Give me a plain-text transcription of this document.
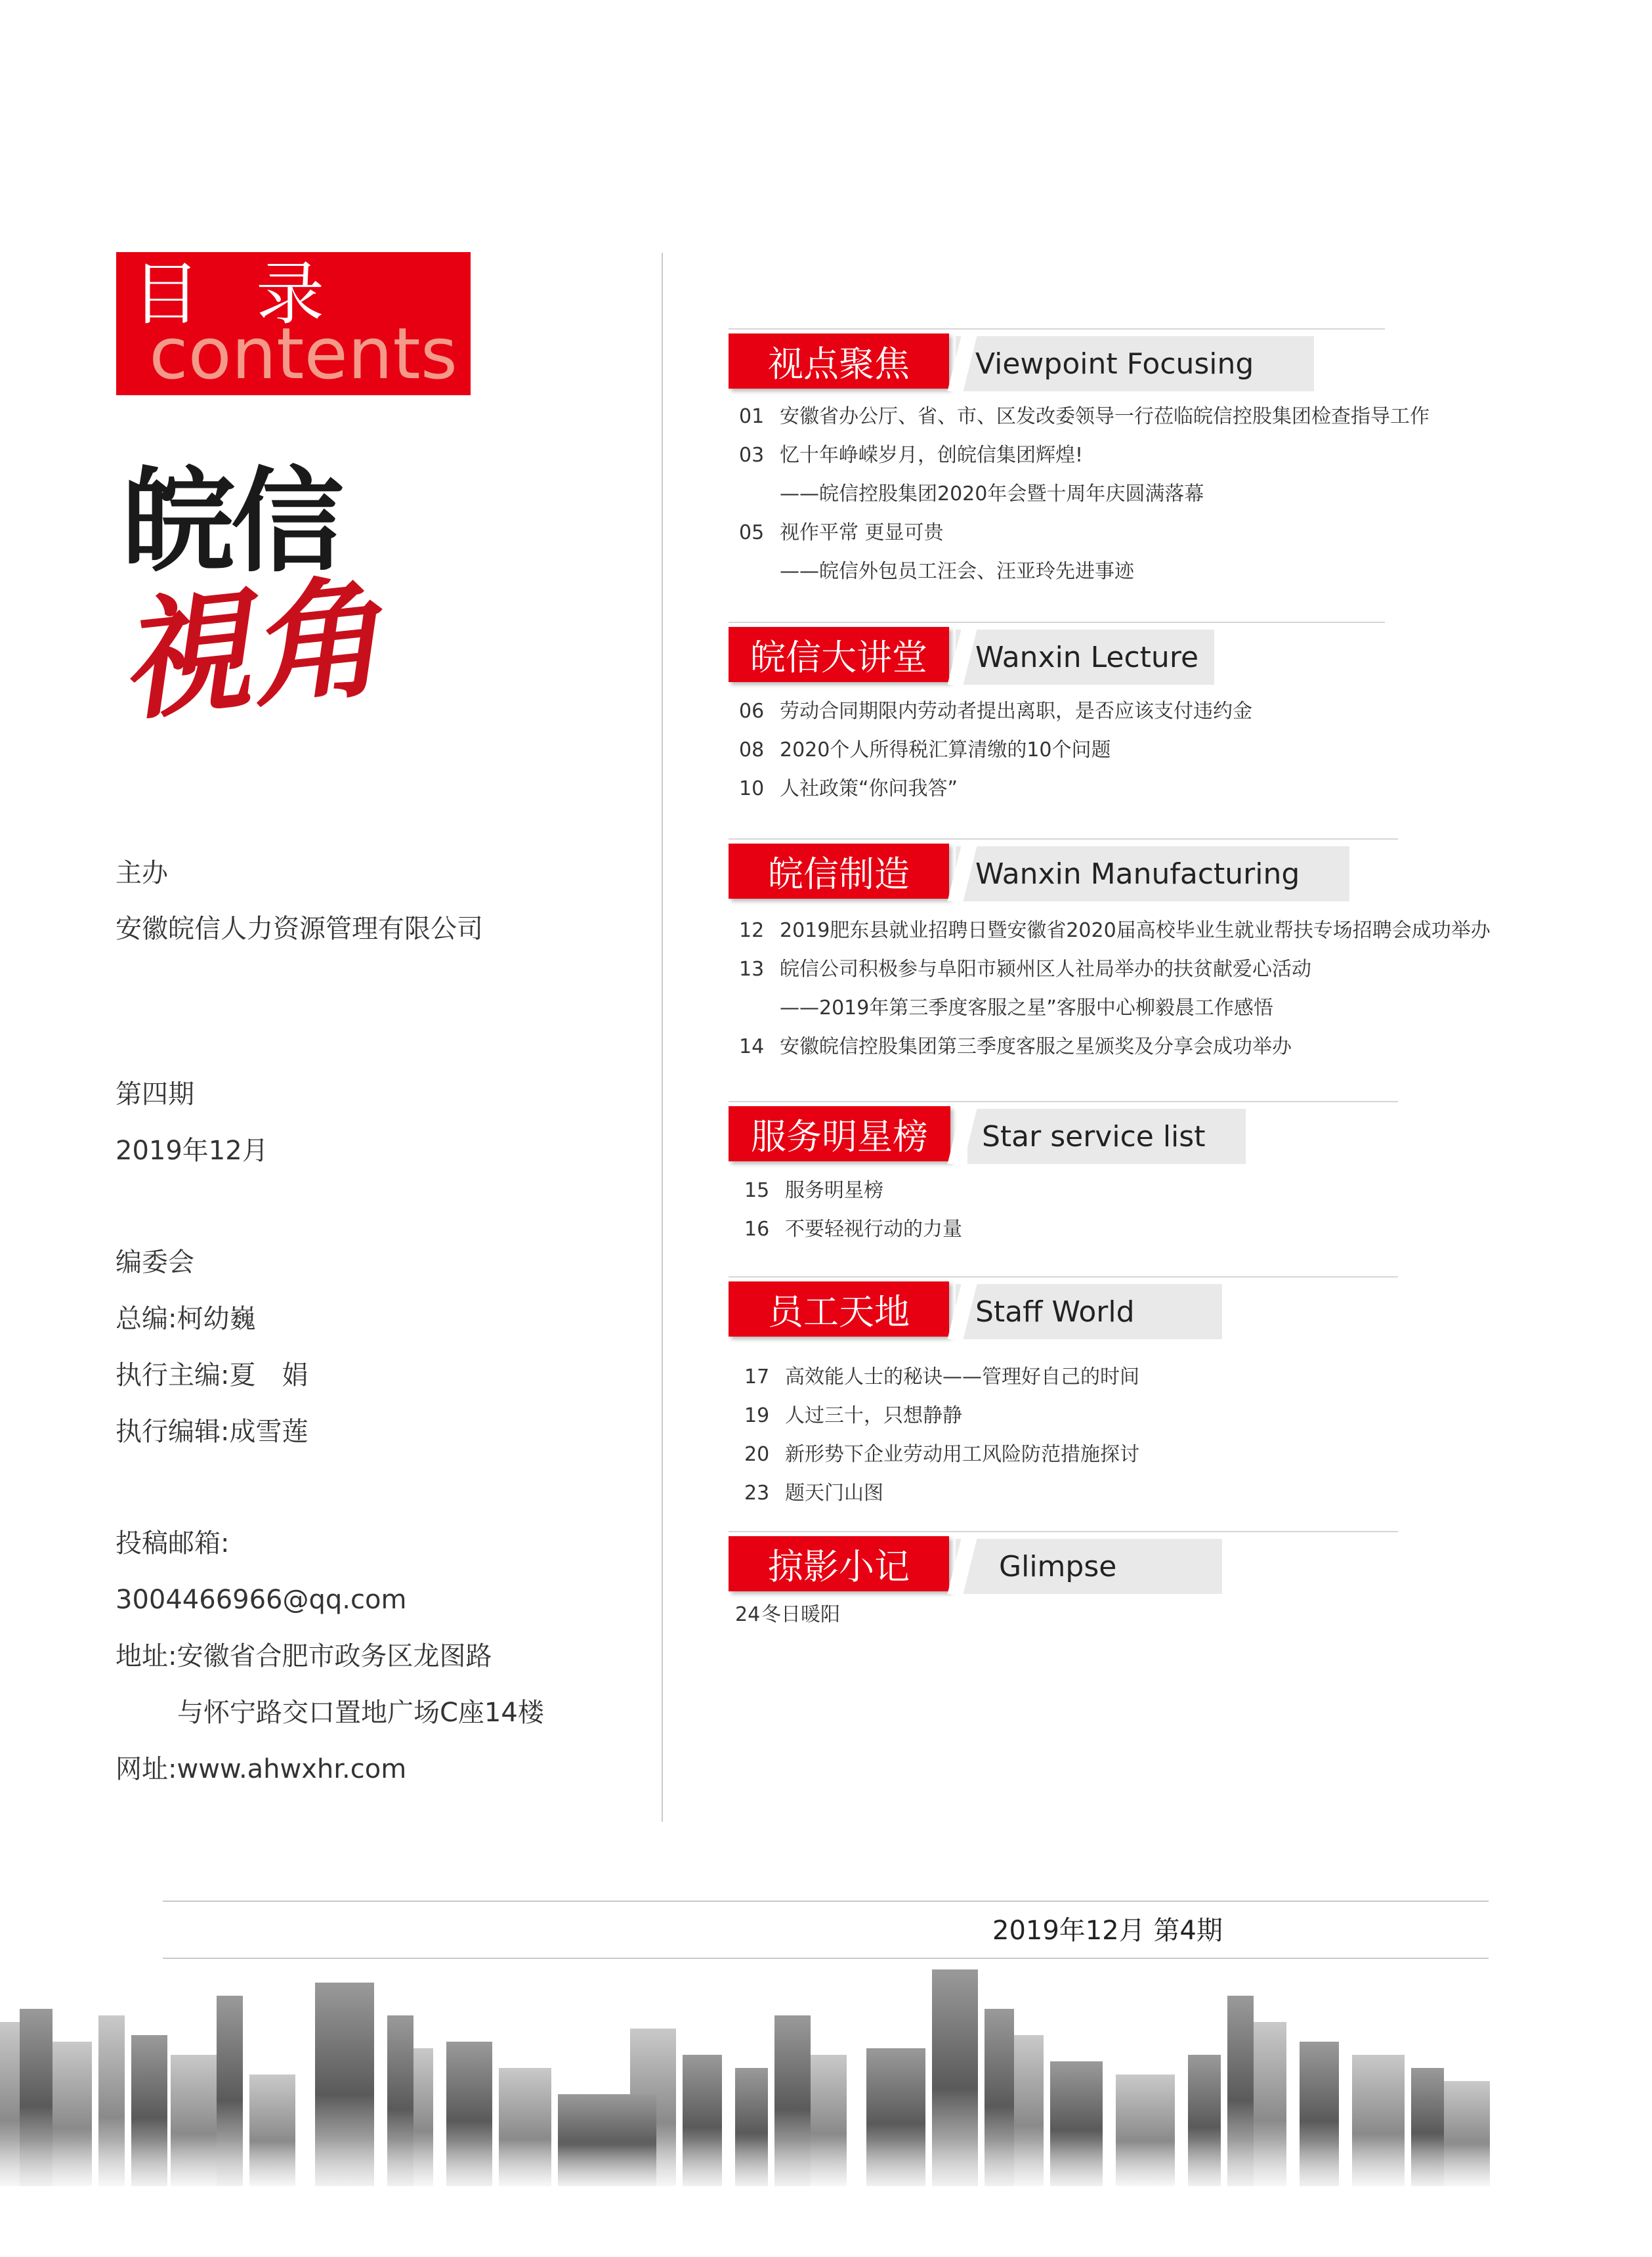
目 录
contents
皖信
視角
主办
安徽皖信人力资源管理有限公司
第四期
2019年12月
编委会
总编:柯幼巍
执行主编:夏　娟
执行编辑:成雪莲
投稿邮箱:
3004466966@qq.com
地址:安徽省合肥市政务区龙图路
与怀宁路交口置地广场C座14楼
网址:www.ahwxhr.com
视点聚焦	Viewpoint Focusing
01 安徽省办公厅、省、市、区发改委领导一行莅临皖信控股集团检查指导工作
03 忆十年峥嵘岁月，创皖信集团辉煌!
——皖信控股集团2020年会暨十周年庆圆满落幕
05 视作平常 更显可贵
——皖信外包员工汪会、汪亚玲先进事迹
皖信大讲堂	Wanxin Lecture
06 劳动合同期限内劳动者提出离职，是否应该支付违约金
08 2020个人所得税汇算清缴的10个问题
10 人社政策“你问我答”
皖信制造	Wanxin Manufacturing
12 2019肥东县就业招聘日暨安徽省2020届高校毕业生就业帮扶专场招聘会成功举办
13 皖信公司积极参与阜阳市颍州区人社局举办的扶贫献爱心活动
——2019年第三季度客服之星”客服中心柳毅晨工作感悟
14 安徽皖信控股集团第三季度客服之星颁奖及分享会成功举办
服务明星榜	Star service list
15 服务明星榜
16 不要轻视行动的力量
员工天地	Staff World
17 高效能人士的秘诀——管理好自己的时间
19 人过三十，只想静静
20 新形势下企业劳动用工风险防范措施探讨
23 题天门山图
掠影小记	Glimpse
24冬日暖阳
2019年12月 第4期
